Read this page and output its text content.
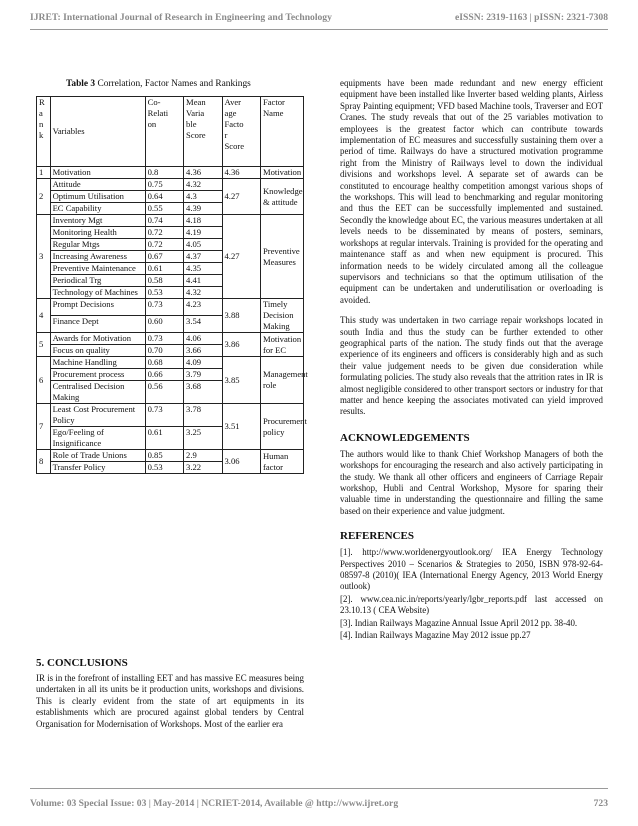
IJRET: International Journal of Research in Engineering and Technology	eISSN: 2319-1163 | pISSN: 2321-7308
Table 3 Correlation, Factor Names and Rankings
R
a
n
k	Variables	Co-
Relati
on	Mean
Varia
ble
Score	Aver
age
Facto
r
Score	Factor
Name
1	Motivation	0.8	4.36	4.36	Motivation
2	Attitude	0.75	4.32	4.27	Knowledge & attitude
	Optimum Utilisation	0.64	4.3		
	EC Capability	0.55	4.39		
3	Inventory Mgt	0.74	4.18	4.27	Preventive Measures
	Monitoring Health	0.72	4.19		
	Regular Mtgs	0.72	4.05		
	Increasing Awareness	0.67	4.37		
	Preventive Maintenance	0.61	4.35		
	Periodical Trg	0.58	4.41		
	Technology of Machines	0.53	4.32		
4	Prompt Decisions	0.73	4.23	3.88	Timely Decision Making
	Finance Dept	0.60	3.54		
5	Awards for Motivation	0.73	4.06	3.86	Motivation for EC
	Focus on quality	0.70	3.66		
6	Machine Handling	0.68	4.09	3.85	Management role
	Procurement process	0.66	3.79		
	Centralised Decision Making	0.56	3.68		
7	Least Cost Procurement Policy	0.73	3.78	3.51	Procurement policy
	Ego/Feeling of Insignificance	0.61	3.25		
8	Role of Trade Unions	0.85	2.9	3.06	Human factor
	Transfer Policy	0.53	3.22		

5. CONCLUSIONS

IR is in the forefront of installing EET and has massive EC measures being undertaken in all its units be it production units, workshops and divisions. This is clearly evident from the state of art equipments in its establishments which are procured against global tenders by Central Organisation for Modernisation of Workshops. Most of the earlier era

equipments have been made redundant and new energy efficient equipment have been installed like Inverter based welding plants, Airless Spray Painting equipment; VFD based Machine tools, Traverser and EOT Cranes. The study reveals that out of the 25 variables motivation to employees is the greatest factor which can contribute towards implementation of EC measures and successfully sustaining them over a period of time. Railways do have a structured motivation programme right from the Ministry of Railways level to down the individual divisions and workshops level. A separate set of awards can be constituted to encourage healthy competition amongst various shops of the workshops. This will lead to benchmarking and regular monitoring and thus the EET can be successfully implemented and sustained. Secondly the knowledge about EC, the various measures undertaken at all levels needs to be disseminated by means of posters, seminars, workshops at regular intervals. Training is provided for the operating and maintenance staff as and when new equipment is procured. This information needs to be widely circulated among all the colleague supervisors and technicians so that the optimum utilisation of the equipment can be undertaken and underutilisation or overloading is avoided.

This study was undertaken in two carriage repair workshops located in south India and thus the study can be further extended to other geographical parts of the nation. The study finds out that the average experience of its engineers and officers is considerably high and as such their value judgement needs to be given due consideration while formulating policies. The study also reveals that the attrition rates in IR is almost negligible considered to other transport sectors or industry for that matter and hence keeping the associates motivated can yield improved results.

ACKNOWLEDGEMENTS

The authors would like to thank Chief Workshop Managers of both the workshops for encouraging the research and also actively participating in the study. We thank all other officers and engineers of Carriage Repair workshop, Hubli and Central Workshop, Mysore for sparing their valuable time in understanding the questionnaire and filling the same based on their experience and value judgment.

REFERENCES

[1]. http://www.worldenergyoutlook.org/ IEA Energy Technology Perspectives 2010 – Scenarios & Strategies to 2050, ISBN 978-92-64-08597-8 (2010)( IEA (International Energy Agency, 2013 World Energy outlook)

[2]. www.cea.nic.in/reports/yearly/lgbr_reports.pdf last accessed on 23.10.13 ( CEA Website)

[3]. Indian Railways Magazine Annual Issue April 2012 pp. 38-40.

[4]. Indian Railways Magazine May 2012 issue pp.27

Volume: 03 Special Issue: 03 | May-2014 | NCRIET-2014, Available @ http://www.ijret.org	723
